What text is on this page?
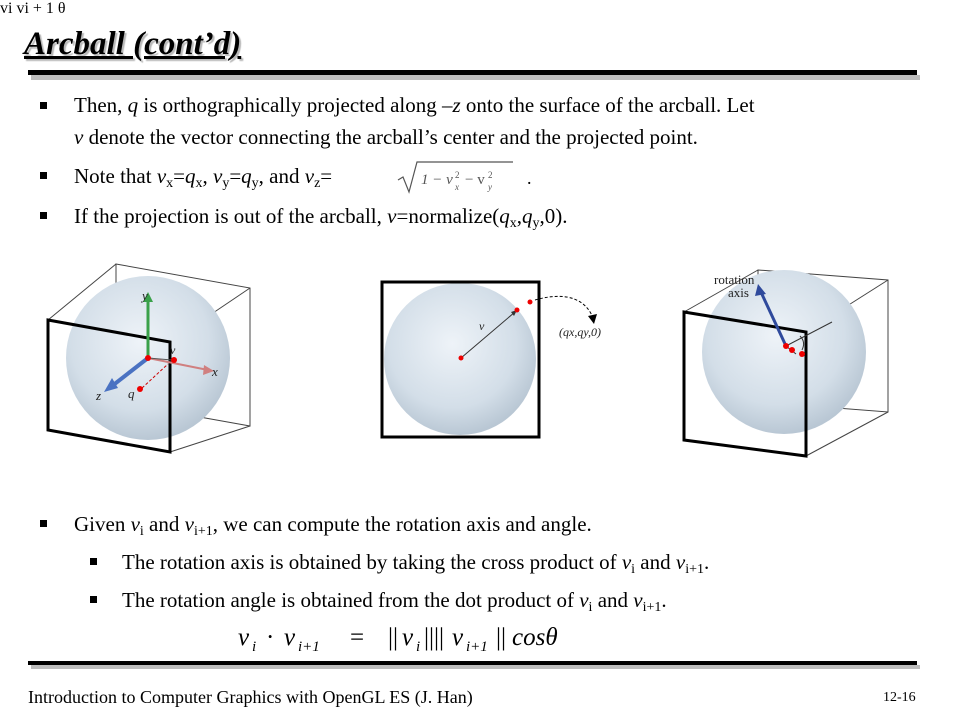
Arcball (cont’d)
Then, q is orthographically projected along –z onto the surface of the arcball. Let
v denote the vector connecting the arcball’s center and the projected point.
Note that $v_x=q_x$, $v_y=q_y$, and $v_z=$	1 − v x
2 − v y
2 .
If the projection is out of the arcball, $v=normalize(q_x,q_y,0)$.
y
x
z
v
q
v	(qx,qy,0)
rotation
axis
vi vi + 1 θ
Given $v_i$ and $v_{i+1}$, we can compute the rotation axis and angle.
The rotation axis is obtained by taking the cross product of $v_i$ and $v_{i+1}$.
The rotation angle is obtained from the dot product of $v_i$ and $v_{i+1}$.
v i · v i+1 = || v i |||| v i+1 || cosθ
Introduction to Computer Graphics with OpenGL ES (J. Han)	12-16
